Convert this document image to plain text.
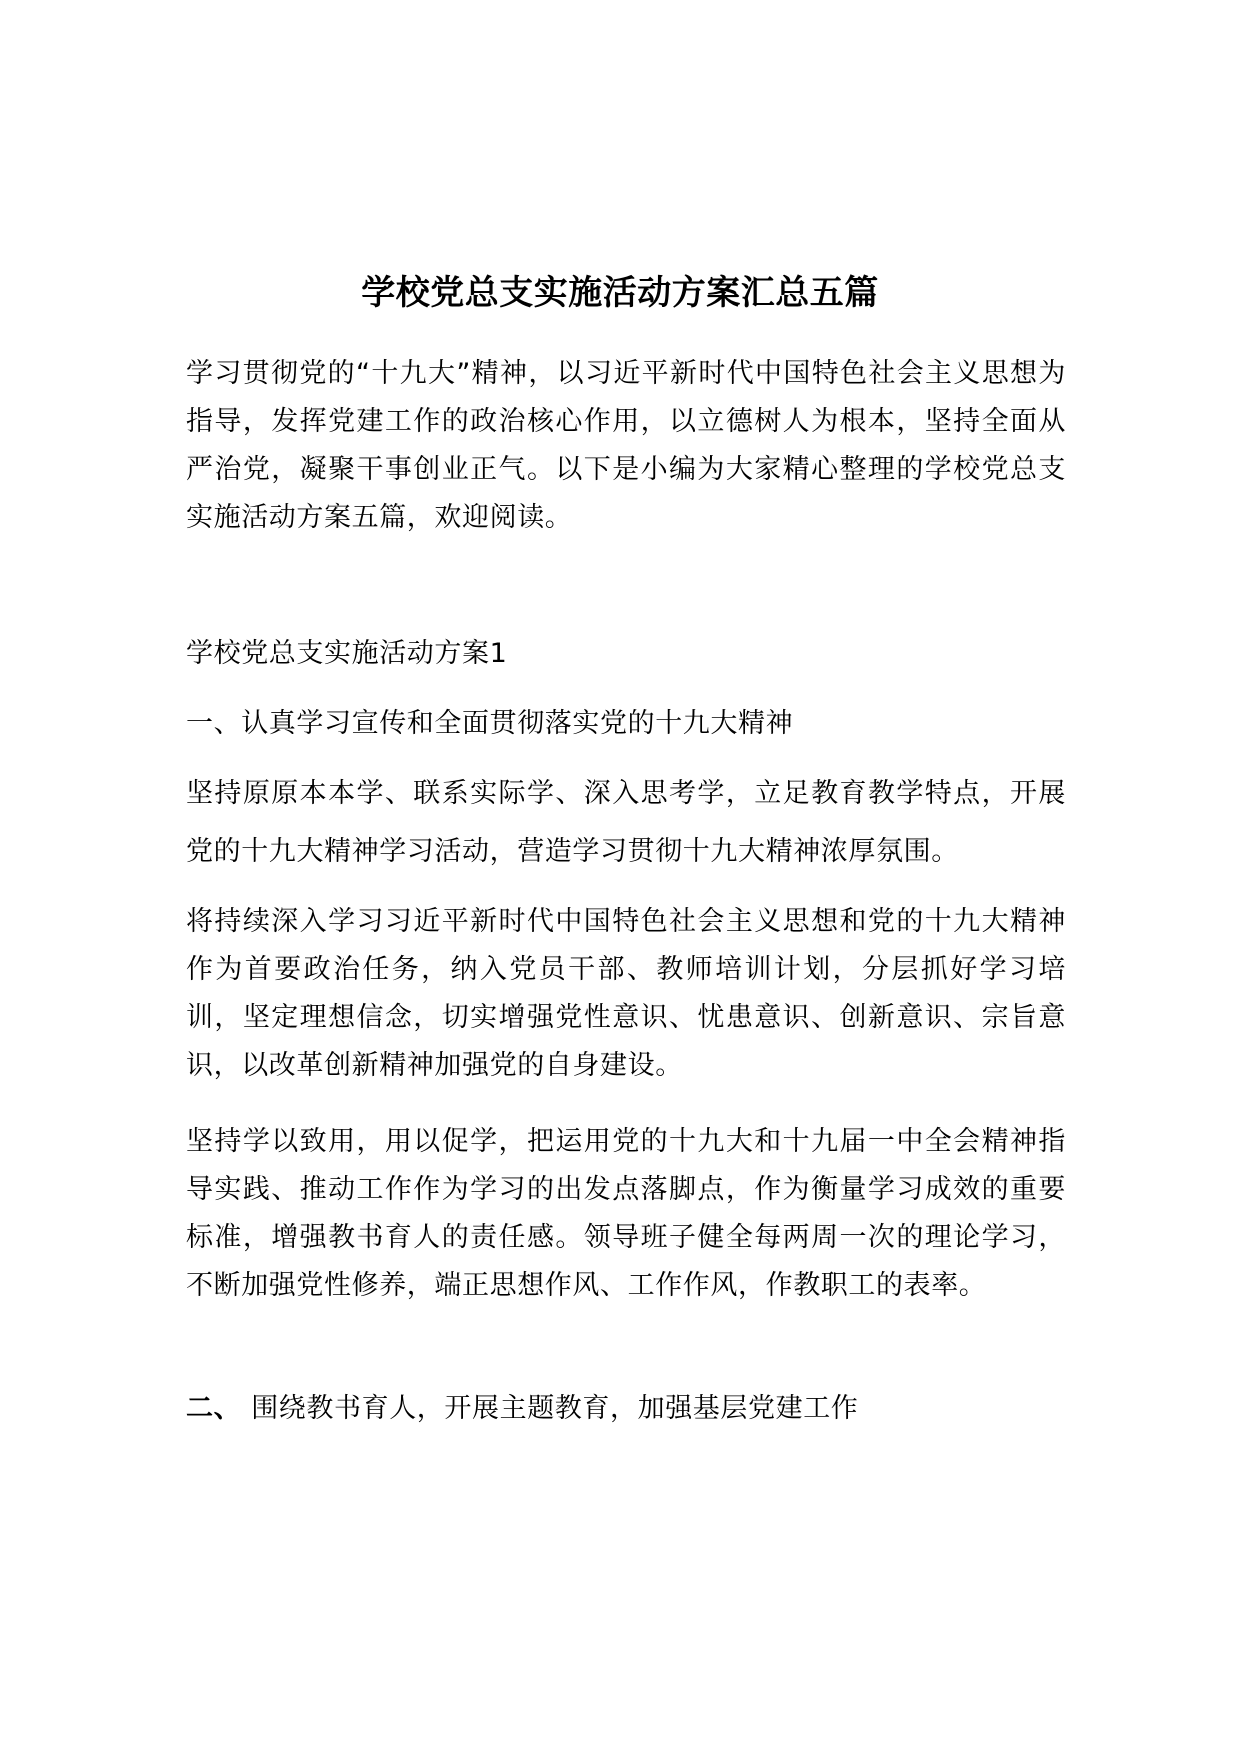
学校党总支实施活动方案汇总五篇
学习贯彻党的“十九大”精神，以习近平新时代中国特色社会主义思想为指导，发挥党建工作的政治核心作用，以立德树人为根本，坚持全面从严治党，凝聚干事创业正气。以下是小编为大家精心整理的学校党总支实施活动方案五篇，欢迎阅读。
学校党总支实施活动方案1
一、认真学习宣传和全面贯彻落实党的十九大精神
坚持原原本本学、联系实际学、深入思考学，立足教育教学特点，开展党的十九大精神学习活动，营造学习贯彻十九大精神浓厚氛围。
将持续深入学习习近平新时代中国特色社会主义思想和党的十九大精神作为首要政治任务，纳入党员干部、教师培训计划，分层抓好学习培训，坚定理想信念，切实增强党性意识、忧患意识、创新意识、宗旨意识，以改革创新精神加强党的自身建设。
坚持学以致用，用以促学，把运用党的十九大和十九届一中全会精神指导实践、推动工作作为学习的出发点落脚点，作为衡量学习成效的重要标准，增强教书育人的责任感。领导班子健全每两周一次的理论学习，不断加强党性修养，端正思想作风、工作作风，作教职工的表率。
二、 围绕教书育人，开展主题教育，加强基层党建工作
